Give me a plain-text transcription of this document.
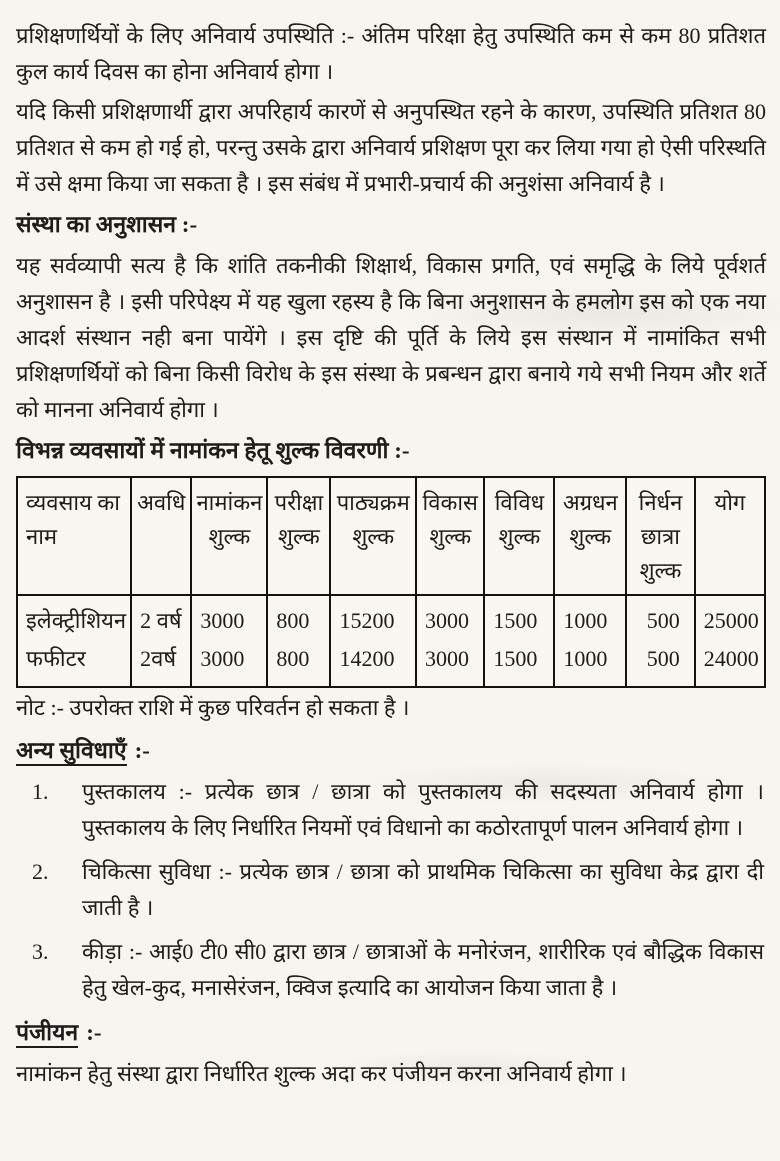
प्रशिक्षणर्थियों के लिए अनिवार्य उपस्थिति :- अंतिम परिक्षा हेतु उपस्थिति कम से कम 80 प्रतिशत कुल कार्य दिवस का होना अनिवार्य होगा ।

यदि किसी प्रशिक्षणार्थी द्वारा अपरिहार्य कारणें से अनुपस्थित रहने के कारण, उपस्थिति प्रतिशत 80 प्रतिशत से कम हो गई हो, परन्तु उसके द्वारा अनिवार्य प्रशिक्षण पूरा कर लिया गया हो ऐसी परिस्थति में उसे क्षमा किया जा सकता है । इस संबंध में प्रभारी-प्रचार्य की अनुशंसा अनिवार्य है ।

संस्था का अनुशासन :-

यह सर्वव्यापी सत्य है कि शांति तकनीकी शिक्षार्थ, विकास प्रगति, एवं समृद्धि के लिये पूर्वशर्त अनुशासन है । इसी परिपेक्ष्य में यह खुला रहस्य है कि बिना अनुशासन के हमलोग इस को एक नया आदर्श संस्थान नही बना पायेंगे । इस दृष्टि की पूर्ति के लिये इस संस्थान में नामांकित सभी प्रशिक्षणर्थियों को बिना किसी विरोध के इस संस्था के प्रबन्धन द्वारा बनाये गये सभी नियम और शर्ते को मानना अनिवार्य होगा ।

विभन्न व्यवसायों में नामांकन हेतू शुल्क विवरणी :-
व्यवसाय का नाम	अवधि	नामांकन शुल्क	परीक्षा शुल्क	पाठ्यक्रम शुल्क	विकास शुल्क	विविध शुल्क	अग्रधन शुल्क	निर्धन छात्रा शुल्क	योग
इलेक्ट्रीशियन	2 वर्ष	3000	800	15200	3000	1500	1000	500	25000
फफीटर	2वर्ष	3000	800	14200	3000	1500	1000	500	24000

नोट :- उपरोक्त राशि में कुछ परिवर्तन हो सकता है ।

अन्य सुविधाएँ :-
1.	पुस्तकालय :- प्रत्येक छात्र / छात्रा को पुस्तकालय की सदस्यता अनिवार्य होगा । पुस्तकालय के लिए निर्धारित नियमों एवं विधानो का कठोरतापूर्ण पालन अनिवार्य होगा ।
2.	चिकित्सा सुविधा :- प्रत्येक छात्र / छात्रा को प्राथमिक चिकित्सा का सुविधा केद्र द्वारा दी जाती है ।
3.	कीड़ा :- आई0 टी0 सी0 द्वारा छात्र / छात्राओं के मनोरंजन, शारीरिक एवं बौद्धिक विकास हेतु खेल-कुद, मनासेरंजन, क्विज इत्यादि का आयोजन किया जाता है ।
पंजीयन :-

नामांकन हेतु संस्था द्वारा निर्धारित शुल्क अदा कर पंजीयन करना अनिवार्य होगा ।
